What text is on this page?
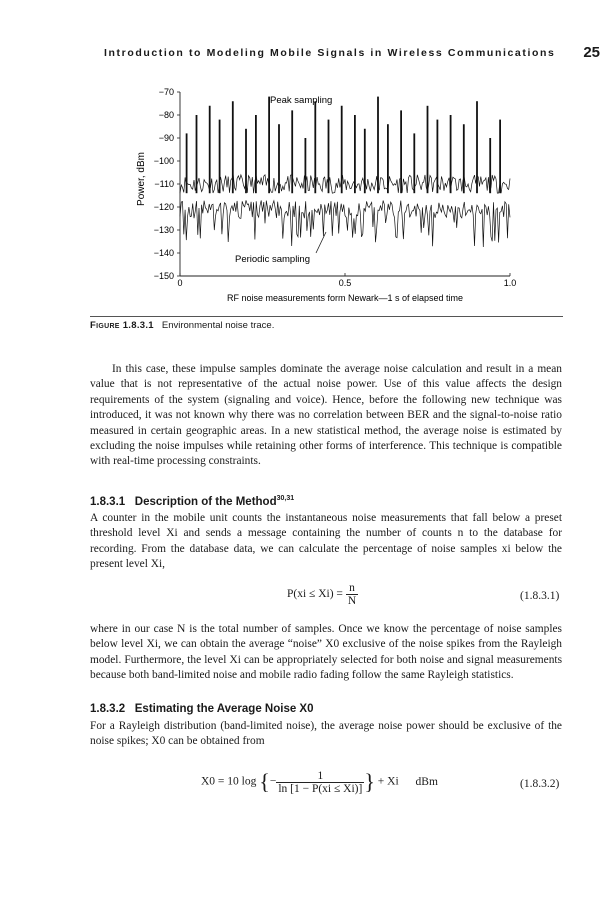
Introduction to Modeling Mobile Signals in Wireless Communications 25
−70
−80
−90
−100
−110
−120
−130
−140
−150
0	0.5	1.0
Peak sampling
Periodic sampling
RF noise measurements form Newark—1 s of elapsed time
Power, dBm
Figure 1.8.3.1 Environmental noise trace.
In this case, these impulse samples dominate the average noise calculation and result in a mean value that is not representative of the actual noise power. Use of this value affects the design requirements of the system (signaling and voice). Hence, before the following new technique was introduced, it was not known why there was no correlation between BER and the signal-to-noise ratio measured in certain geographic areas. In a new statistical method, the average noise is estimated by excluding the noise impulses while retaining other forms of interference. This technique is compatible with real-time processing constraints.
1.8.3.1 Description of the Method$^{30,31}$
A counter in the mobile unit counts the instantaneous noise measurements that fall below a preset threshold level Xi and sends a message containing the number of counts n to the database for recording. From the database data, we can calculate the percentage of noise samples xi below the present level Xi,
$P(xi \le Xi) = \frac{n}{N}$	(1.8.3.1)
where in our case N is the total number of samples. Once we know the percentage of noise samples below level Xi, we can obtain the average “noise” X0 exclusive of the noise spikes from the Rayleigh model. Furthermore, the level Xi can be appropriately selected for both noise and signal measurements because both band-limited noise and mobile radio fading follow the same Rayleigh statistics.
1.8.3.2 Estimating the Average Noise X0
For a Rayleigh distribution (band-limited noise), the average noise power should be exclusive of the noise spikes; X0 can be obtained from
X0 = 10 log {− $\frac{1}{\ln [1 - P(xi \le Xi)]}$ } + Xi dBm	(1.8.3.2)
